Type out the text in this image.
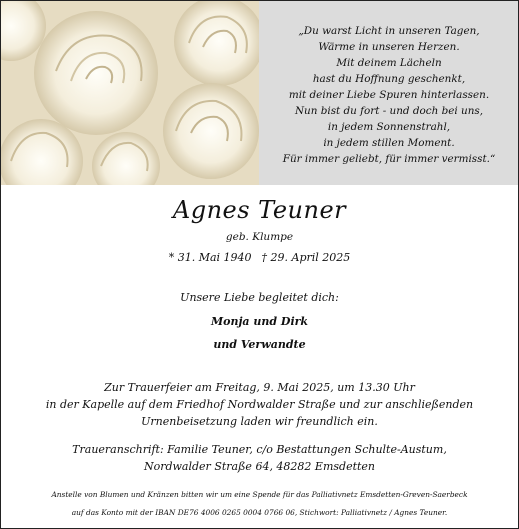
„Du warst Licht in unseren Tagen,
Wärme in unseren Herzen.
Mit deinem Lächeln
hast du Hoffnung geschenkt,
mit deiner Liebe Spuren hinterlassen.
Nun bist du fort - und doch bei uns,
in jedem Sonnenstrahl,
in jedem stillen Moment.
Für immer geliebt, für immer vermisst.“
Agnes Teuner
geb. Klumpe
* 31. Mai 1940 † 29. April 2025
Unsere Liebe begleitet dich:
Monja und Dirk
und Verwandte
Zur Trauerfeier am Freitag, 9. Mai 2025, um 13.30 Uhr
in der Kapelle auf dem Friedhof Nordwalder Straße und zur anschließenden
Urnenbeisetzung laden wir freundlich ein.
Traueranschrift: Familie Teuner, c/o Bestattungen Schulte-Austum,
Nordwalder Straße 64, 48282 Emsdetten
Anstelle von Blumen und Kränzen bitten wir um eine Spende für das Palliativnetz Emsdetten-Greven-Saerbeck
auf das Konto mit der IBAN DE76 4006 0265 0004 0766 06, Stichwort: Palliativnetz / Agnes Teuner.
